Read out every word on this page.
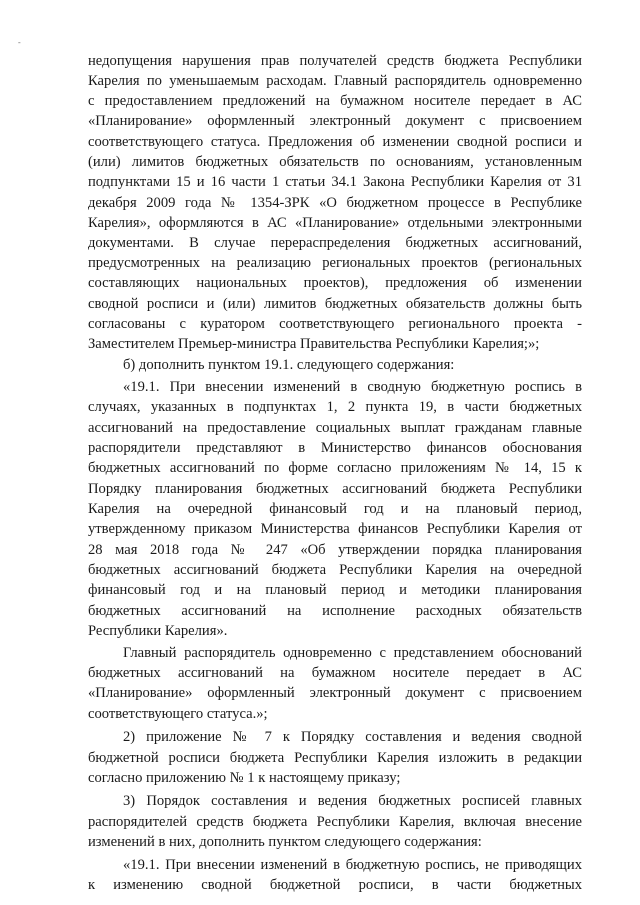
-
недопущения нарушения прав получателей средств бюджета Республики
Карелия по уменьшаемым расходам. Главный распорядитель одновременно
с предоставлением предложений на бумажном носителе передает в АС
«Планирование» оформленный электронный документ с присвоением
соответствующего статуса. Предложения об изменении сводной росписи и
(или) лимитов бюджетных обязательств по основаниям, установленным
подпунктами 15 и 16 части 1 статьи 34.1 Закона Республики Карелия от 31
декабря 2009 года № 1354-ЗРК «О бюджетном процессе в Республике
Карелия», оформляются в АС «Планирование» отдельными электронными
документами. В случае перераспределения бюджетных ассигнований,
предусмотренных на реализацию региональных проектов (региональных
составляющих национальных проектов), предложения об изменении
сводной росписи и (или) лимитов бюджетных обязательств должны быть
согласованы с куратором соответствующего регионального проекта -
Заместителем Премьер-министра Правительства Республики Карелия;»;
б) дополнить пунктом 19.1. следующего содержания:
«19.1. При внесении изменений в сводную бюджетную роспись в
случаях, указанных в подпунктах 1, 2 пункта 19, в части бюджетных
ассигнований на предоставление социальных выплат гражданам главные
распорядители представляют в Министерство финансов обоснования
бюджетных ассигнований по форме согласно приложениям № 14, 15 к
Порядку планирования бюджетных ассигнований бюджета Республики
Карелия на очередной финансовый год и на плановый период,
утвержденному приказом Министерства финансов Республики Карелия от
28 мая 2018 года № 247 «Об утверждении порядка планирования
бюджетных ассигнований бюджета Республики Карелия на очередной
финансовый год и на плановый период и методики планирования
бюджетных ассигнований на исполнение расходных обязательств
Республики Карелия».
Главный распорядитель одновременно с представлением обоснований
бюджетных ассигнований на бумажном носителе передает в АС
«Планирование» оформленный электронный документ с присвоением
соответствующего статуса.»;
2) приложение № 7 к Порядку составления и ведения сводной
бюджетной росписи бюджета Республики Карелия изложить в редакции
согласно приложению № 1 к настоящему приказу;
3) Порядок составления и ведения бюджетных росписей главных
распорядителей средств бюджета Республики Карелия, включая внесение
изменений в них, дополнить пунктом следующего содержания:
«19.1. При внесении изменений в бюджетную роспись, не приводящих
к изменению сводной бюджетной росписи, в части бюджетных
